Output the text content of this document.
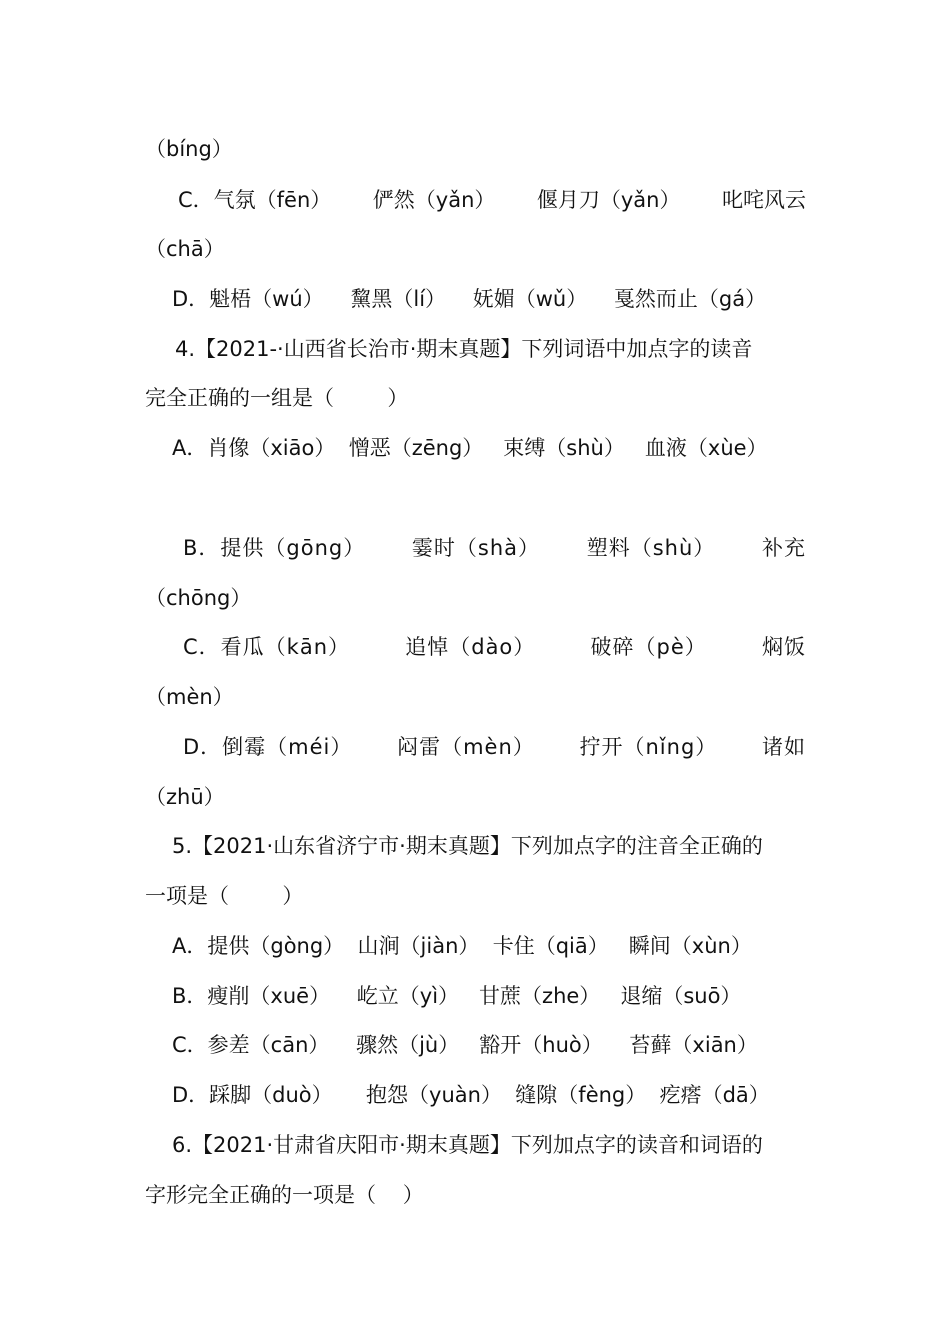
（bíng）
C．气氛（fēn） 俨然（yǎn） 偃月刀（yǎn） 叱咤风云
（chā）
D．魁梧（wú）    黧黑（lí）    妩媚（wǔ）    戛然而止（gá）
4.【2021-·山西省长治市·期末真题】下列词语中加点字的读音
完全正确的一组是（        ）
A．肖像（xiāo）  憎恶（zēng）   束缚（shù）   血液（xùe）
B．提供（gōng） 霎时（shà） 塑料（shù） 补充
（chōng）
C．看瓜（kān）	追悼（dào）	破碎（pè）	焖饭
（mèn）
D．倒霉（méi） 闷雷（mèn） 拧开（nǐng） 诸如
（zhū）
5.【2021·山东省济宁市·期末真题】下列加点字的注音全正确的
一项是（        ）
A．提供（gòng）  山涧（jiàn）  卡住（qiā）   瞬间（xùn）
B．瘦削（xuē）    屹立（yì）   甘蔗（zhe）   退缩（suō）
C．参差（cān）    骤然（jù）   豁开（huò）    苔藓（xiān）
D．踩脚（duò）     抱怨（yuàn）  缝隙（fèng）  疙瘩（dā）
6.【2021·甘肃省庆阳市·期末真题】下列加点字的读音和词语的
字形完全正确的一项是（    ）
